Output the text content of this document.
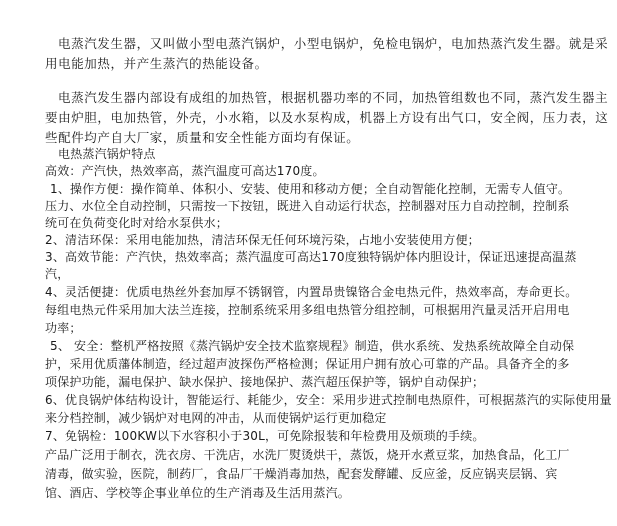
电蒸汽发生器，又叫做小型电蒸汽锅炉，小型电锅炉，免检电锅炉，电加热蒸汽发生器。就是采
用电能加热，并产生蒸汽的热能设备。
电蒸汽发生器内部设有成组的加热管，根据机器功率的不同，加热管组数也不同，蒸汽发生器主
要由炉胆，电加热管，外壳，小水箱，以及水泵构成，机器上方设有出气口，安全阀，压力表，这
些配件均产自大厂家，质量和安全性能方面均有保证。
电热蒸汽锅炉特点
高效：产汽快，热效率高，蒸汽温度可高达170度。
1、操作方便：操作简单、体积小、安装、使用和移动方便；全自动智能化控制，无需专人值守。
压力、水位全自动控制，只需按一下按钮，既进入自动运行状态，控制器对压力自动控制，控制系
统可在负荷变化时对给水泵供水；
2、清洁环保：采用电能加热，清洁环保无任何环境污染，占地小安装使用方便；
3、高效节能：产汽快，热效率高；蒸汽温度可高达170度独特锅炉体内胆设计，保证迅速提高温蒸
汽，
4、灵活便捷：优质电热丝外套加厚不锈钢管，内置昂贵镍铬合金电热元件，热效率高，寿命更长。
每组电热元件采用加大法兰连接，控制系统采用多组电热管分组控制，可根据用汽量灵活开启用电
功率；
5、 安全：整机严格按照《蒸汽锅炉安全技术监察规程》制造，供水系统、发热系统故障全自动保
护，采用优质藩体制造，经过超声波探伤严格检测；保证用户拥有放心可靠的产品。具备齐全的多
项保护功能，漏电保护、缺水保护、接地保护、蒸汽超压保护等，锅炉自动保护；
6、优良锅炉体结构设计，智能运行、耗能少，安全：采用步进式控制电热原件，可根据蒸汽的实际使用量
来分档控制，减少锅炉对电网的冲击，从而使锅炉运行更加稳定
7、免锅检：100KW以下水容积小于30L，可免除报装和年检费用及烦琐的手续。
产品广泛用于制衣，洗衣房、干洗店，水洗厂熨烫烘干，蒸饭，烧开水煮豆浆，加热食品，化工厂
清毒，做实验，医院，制药厂，食品厂干燥消毒加热，配套发酵罐、反应釜，反应锅夹层锅、宾
馆、酒店、学校等企事业单位的生产消毒及生活用蒸汽。
